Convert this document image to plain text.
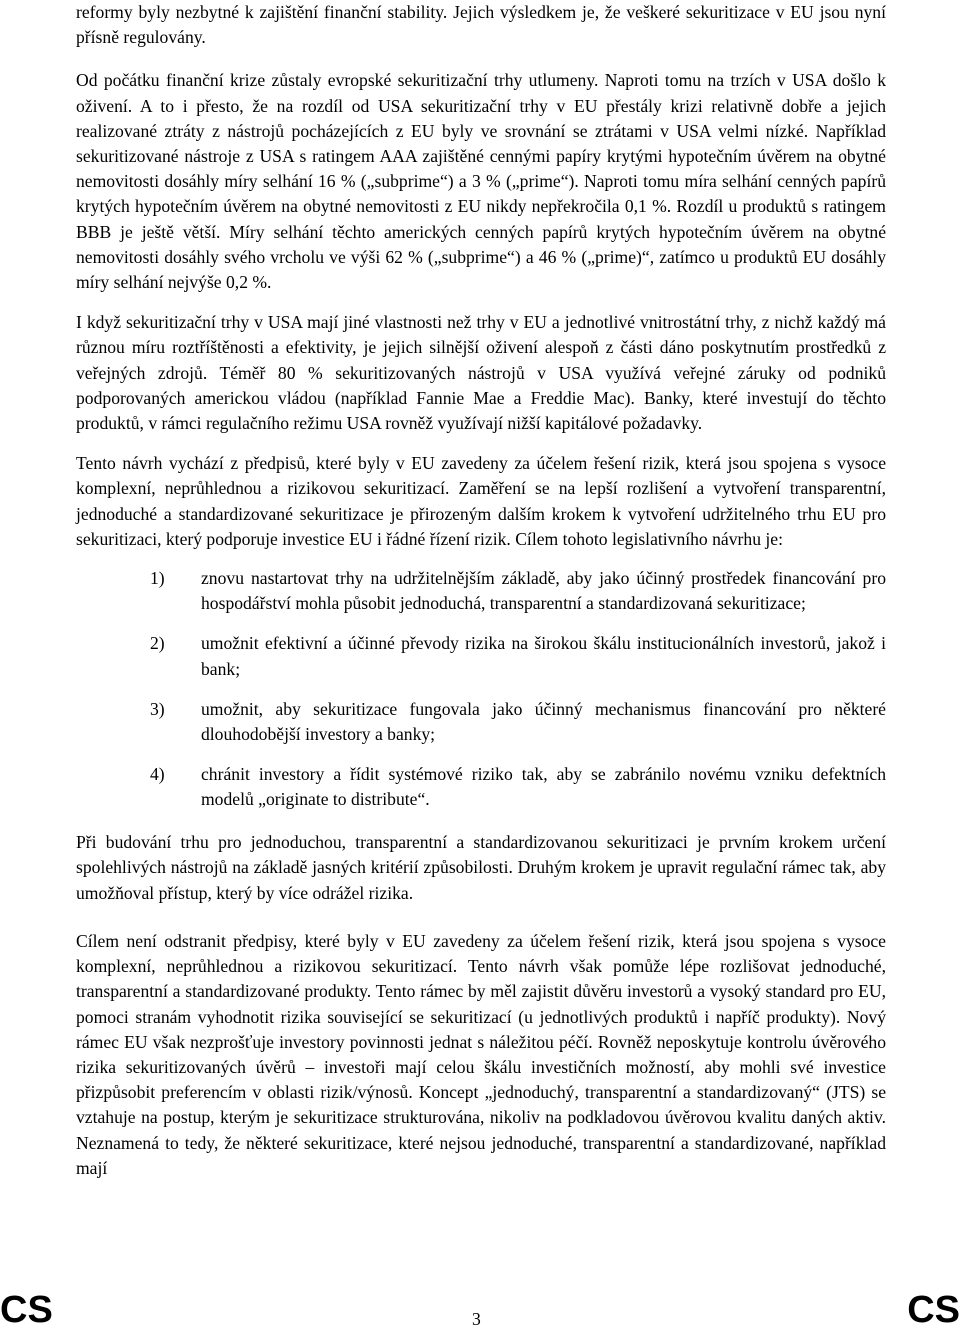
reformy byly nezbytné k zajištění finanční stability. Jejich výsledkem je, že veškeré sekuritizace v EU jsou nyní přísně regulovány.

Od počátku finanční krize zůstaly evropské sekuritizační trhy utlumeny. Naproti tomu na trzích v USA došlo k oživení. A to i přesto, že na rozdíl od USA sekuritizační trhy v EU přestály krizi relativně dobře a jejich realizované ztráty z nástrojů pocházejících z EU byly ve srovnání se ztrátami v USA velmi nízké. Například sekuritizované nástroje z USA s ratingem AAA zajištěné cennými papíry krytými hypotečním úvěrem na obytné nemovitosti dosáhly míry selhání 16 % („subprime“) a 3 % („prime“). Naproti tomu míra selhání cenných papírů krytých hypotečním úvěrem na obytné nemovitosti z EU nikdy nepřekročila 0,1 %. Rozdíl u produktů s ratingem BBB je ještě větší. Míry selhání těchto amerických cenných papírů krytých hypotečním úvěrem na obytné nemovitosti dosáhly svého vrcholu ve výši 62 % („subprime“) a 46 % („prime)“, zatímco u produktů EU dosáhly míry selhání nejvýše 0,2 %.

I když sekuritizační trhy v USA mají jiné vlastnosti než trhy v EU a jednotlivé vnitrostátní trhy, z nichž každý má různou míru roztříštěnosti a efektivity, je jejich silnější oživení alespoň z části dáno poskytnutím prostředků z veřejných zdrojů. Téměř 80 % sekuritizovaných nástrojů v USA využívá veřejné záruky od podniků podporovaných americkou vládou (například Fannie Mae a Freddie Mac). Banky, které investují do těchto produktů, v rámci regulačního režimu USA rovněž využívají nižší kapitálové požadavky.

Tento návrh vychází z předpisů, které byly v EU zavedeny za účelem řešení rizik, která jsou spojena s vysoce komplexní, neprůhlednou a rizikovou sekuritizací. Zaměření se na lepší rozlišení a vytvoření transparentní, jednoduché a standardizované sekuritizace je přirozeným dalším krokem k vytvoření udržitelného trhu EU pro sekuritizaci, který podporuje investice EU i řádné řízení rizik. Cílem tohoto legislativního návrhu je:

1) znovu nastartovat trhy na udržitelnějším základě, aby jako účinný prostředek financování pro hospodářství mohla působit jednoduchá, transparentní a standardizovaná sekuritizace;
2) umožnit efektivní a účinné převody rizika na širokou škálu institucionálních investorů, jakož i bank;
3) umožnit, aby sekuritizace fungovala jako účinný mechanismus financování pro některé dlouhodobější investory a banky;
4) chránit investory a řídit systémové riziko tak, aby se zabránilo novému vzniku defektních modelů „originate to distribute“.

Při budování trhu pro jednoduchou, transparentní a standardizovanou sekuritizaci je prvním krokem určení spolehlivých nástrojů na základě jasných kritérií způsobilosti. Druhým krokem je upravit regulační rámec tak, aby umožňoval přístup, který by více odrážel rizika.

Cílem není odstranit předpisy, které byly v EU zavedeny za účelem řešení rizik, která jsou spojena s vysoce komplexní, neprůhlednou a rizikovou sekuritizací. Tento návrh však pomůže lépe rozlišovat jednoduché, transparentní a standardizované produkty. Tento rámec by měl zajistit důvěru investorů a vysoký standard pro EU, pomoci stranám vyhodnotit rizika související se sekuritizací (u jednotlivých produktů i napříč produkty). Nový rámec EU však nezprošťuje investory povinnosti jednat s náležitou péčí. Rovněž neposkytuje kontrolu úvěrového rizika sekuritizovaných úvěrů – investoři mají celou škálu investičních možností, aby mohli své investice přizpůsobit preferencím v oblasti rizik/výnosů. Koncept „jednoduchý, transparentní a standardizovaný“ (JTS) se vztahuje na postup, kterým je sekuritizace strukturována, nikoliv na podkladovou úvěrovou kvalitu daných aktiv. Neznamená to tedy, že některé sekuritizace, které nejsou jednoduché, transparentní a standardizované, například mají

CS	3	CS
